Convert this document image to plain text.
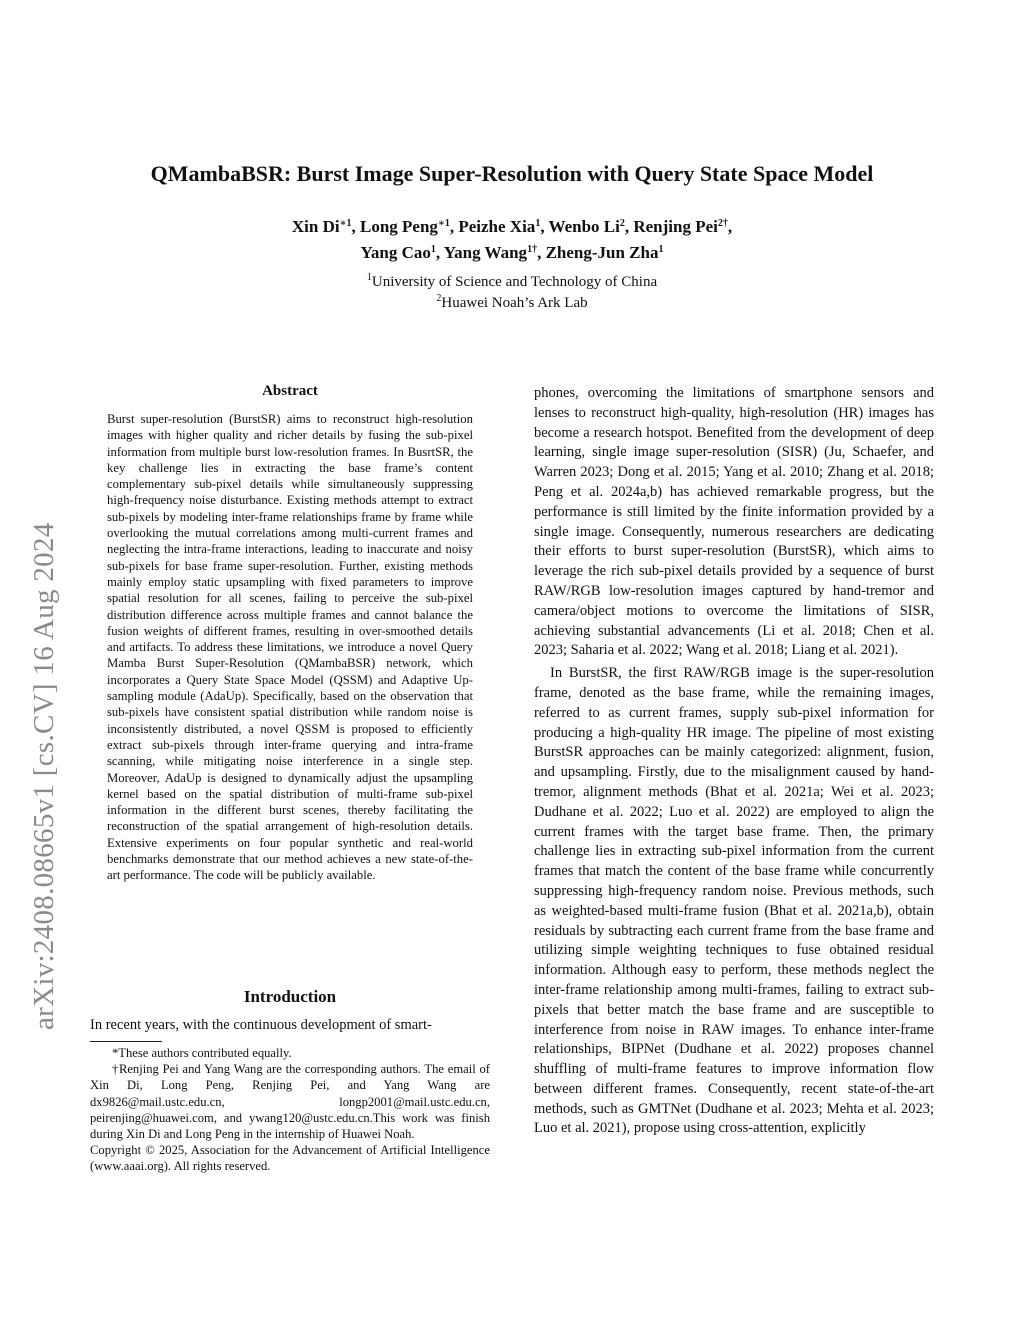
QMambaBSR: Burst Image Super-Resolution with Query State Space Model
Xin $Di^{∗1}$, Long Peng$^{∗1}$, Peizhe Xia$^1$, Wenbo Li$^2$, Renjing Pei$^{2\dagger}$,
Yang Cao$^1$, Yang Wang$^{1\dagger}$, Zheng-Jun Zha$^1$
$^1$University of Science and Technology of China
$^2$Huawei Noah’s Ark Lab
arXiv:2408.08665v1 [cs.CV] 16 Aug 2024
Abstract
Burst super-resolution (BurstSR) aims to reconstruct high-resolution images with higher quality and richer details by fusing the sub-pixel information from multiple burst low-resolution frames. In BusrtSR, the key challenge lies in extracting the base frame’s content complementary sub-pixel details while simultaneously suppressing high-frequency noise disturbance. Existing methods attempt to extract sub-pixels by modeling inter-frame relationships frame by frame while overlooking the mutual correlations among multi-current frames and neglecting the intra-frame interactions, leading to inaccurate and noisy sub-pixels for base frame super-resolution. Further, existing methods mainly employ static upsampling with fixed parameters to improve spatial resolution for all scenes, failing to perceive the sub-pixel distribution difference across multiple frames and cannot balance the fusion weights of different frames, resulting in over-smoothed details and artifacts. To address these limitations, we introduce a novel Query Mamba Burst Super-Resolution (QMambaBSR) network, which incorporates a Query State Space Model (QSSM) and Adaptive Up-sampling module (AdaUp). Specifically, based on the observation that sub-pixels have consistent spatial distribution while random noise is inconsistently distributed, a novel QSSM is proposed to efficiently extract sub-pixels through inter-frame querying and intra-frame scanning, while mitigating noise interference in a single step. Moreover, AdaUp is designed to dynamically adjust the upsampling kernel based on the spatial distribution of multi-frame sub-pixel information in the different burst scenes, thereby facilitating the reconstruction of the spatial arrangement of high-resolution details. Extensive experiments on four popular synthetic and real-world benchmarks demonstrate that our method achieves a new state-of-the-art performance. The code will be publicly available.
Introduction
In recent years, with the continuous development of smart-

*These authors contributed equally.

†Renjing Pei and Yang Wang are the corresponding authors. The email of Xin Di, Long Peng, Renjing Pei, and Yang Wang are dx9826@mail.ustc.edu.cn, longp2001@mail.ustc.edu.cn, peirenjing@huawei.com, and ywang120@ustc.edu.cn.This work was finish during Xin Di and Long Peng in the internship of Huawei Noah.

Copyright © 2025, Association for the Advancement of Artificial Intelligence (www.aaai.org). All rights reserved.

phones, overcoming the limitations of smartphone sensors and lenses to reconstruct high-quality, high-resolution (HR) images has become a research hotspot. Benefited from the development of deep learning, single image super-resolution (SISR) (Ju, Schaefer, and Warren 2023; Dong et al. 2015; Yang et al. 2010; Zhang et al. 2018; Peng et al. 2024a,b) has achieved remarkable progress, but the performance is still limited by the finite information provided by a single image. Consequently, numerous researchers are dedicating their efforts to burst super-resolution (BurstSR), which aims to leverage the rich sub-pixel details provided by a sequence of burst RAW/RGB low-resolution images captured by hand-tremor and camera/object motions to overcome the limitations of SISR, achieving substantial advancements (Li et al. 2018; Chen et al. 2023; Saharia et al. 2022; Wang et al. 2018; Liang et al. 2021).

In BurstSR, the first RAW/RGB image is the super-resolution frame, denoted as the base frame, while the remaining images, referred to as current frames, supply sub-pixel information for producing a high-quality HR image. The pipeline of most existing BurstSR approaches can be mainly categorized: alignment, fusion, and upsampling. Firstly, due to the misalignment caused by hand-tremor, alignment methods (Bhat et al. 2021a; Wei et al. 2023; Dudhane et al. 2022; Luo et al. 2022) are employed to align the current frames with the target base frame. Then, the primary challenge lies in extracting sub-pixel information from the current frames that match the content of the base frame while concurrently suppressing high-frequency random noise. Previous methods, such as weighted-based multi-frame fusion (Bhat et al. 2021a,b), obtain residuals by subtracting each current frame from the base frame and utilizing simple weighting techniques to fuse obtained residual information. Although easy to perform, these methods neglect the inter-frame relationship among multi-frames, failing to extract sub-pixels that better match the base frame and are susceptible to interference from noise in RAW images. To enhance inter-frame relationships, BIPNet (Dudhane et al. 2022) proposes channel shuffling of multi-frame features to improve information flow between different frames. Consequently, recent state-of-the-art methods, such as GMTNet (Dudhane et al. 2023; Mehta et al. 2023; Luo et al. 2021), propose using cross-attention, explicitly
